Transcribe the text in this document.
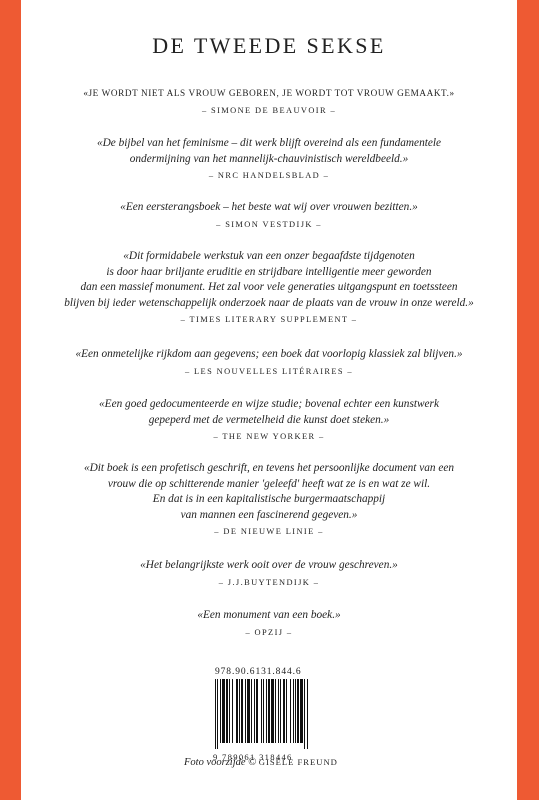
DE TWEEDE SEKSE
«JE WORDT NIET ALS VROUW GEBOREN, JE WORDT TOT VROUW GEMAAKT.»
– SIMONE DE BEAUVOIR –
«De bijbel van het feminisme – dit werk blijft overeind als een fundamentele
ondermijning van het mannelijk-chauvinistisch wereldbeeld.»
– NRC HANDELSBLAD –
«Een eersterangsboek – het beste wat wij over vrouwen bezitten.»
– SIMON VESTDIJK –
«Dit formidabele werkstuk van een onzer begaafdste tijdgenoten
is door haar briljante eruditie en strijdbare intelligentie meer geworden
dan een massief monument. Het zal voor vele generaties uitgangspunt en toetssteen
blijven bij ieder wetenschappelijk onderzoek naar de plaats van de vrouw in onze wereld.»
– TIMES LITERARY SUPPLEMENT –
«Een onmetelijke rijkdom aan gegevens; een boek dat voorlopig klassiek zal blijven.»
– LES NOUVELLES LITÉRAIRES –
«Een goed gedocumenteerde en wijze studie; bovenal echter een kunstwerk
gepeperd met de vermetelheid die kunst doet steken.»
– THE NEW YORKER –
«Dit boek is een profetisch geschrift, en tevens het persoonlijke document van een
vrouw die op schitterende manier 'geleefd' heeft wat ze is en wat ze wil.
En dat is in een kapitalistische burgermaatschappij
van mannen een fascinerend gegeven.»
– DE NIEUWE LINIE –
«Het belangrijkste werk ooit over de vrouw geschreven.»
– J.J.BUYTENDIJK –
«Een monument van een boek.»
– OPZIJ –
978.90.6131.844.6
9 789061 318446
Foto voorzijde © GISÈLE FREUND
